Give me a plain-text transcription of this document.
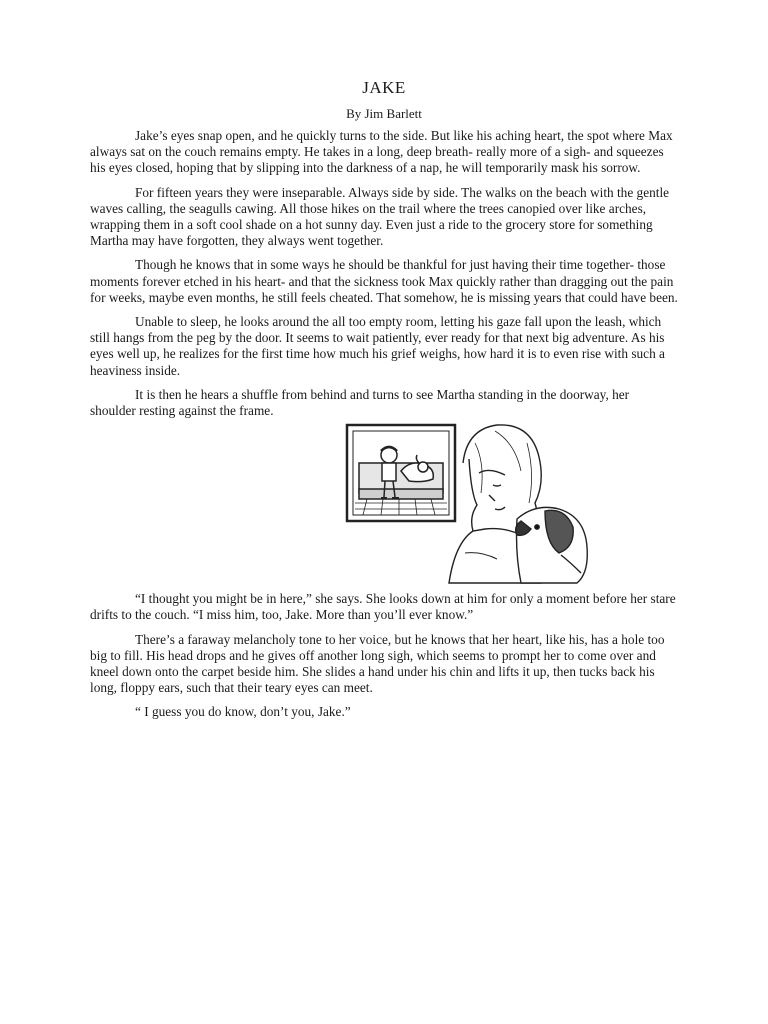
JAKE
By Jim Barlett

Jake’s eyes snap open, and he quickly turns to the side. But like his aching heart, the spot where Max always sat on the couch remains empty. He takes in a long, deep breath- really more of a sigh- and squeezes his eyes closed, hoping that by slipping into the darkness of a nap, he will temporarily mask his sorrow.

For fifteen years they were inseparable. Always side by side. The walks on the beach with the gentle waves calling, the seagulls cawing. All those hikes on the trail where the trees canopied over like arches, wrapping them in a soft cool shade on a hot sunny day. Even just a ride to the grocery store for something Martha may have forgotten, they always went together.

Though he knows that in some ways he should be thankful for just having their time together- those moments forever etched in his heart- and that the sickness took Max quickly rather than dragging out the pain for weeks, maybe even months, he still feels cheated. That somehow, he is missing years that could have been.

Unable to sleep, he looks around the all too empty room, letting his gaze fall upon the leash, which still hangs from the peg by the door. It seems to wait patiently, ever ready for that next big adventure. As his eyes well up, he realizes for the first time how much his grief weighs, how hard it is to even rise with such a heaviness inside.

It is then he hears a shuffle from behind and turns to see Martha standing in the doorway, her shoulder resting against the frame.

“I thought you might be in here,” she says. She looks down at him for only a moment before her stare drifts to the couch. “I miss him, too, Jake. More than you’ll ever know.”

There’s a faraway melancholy tone to her voice, but he knows that her heart, like his, has a hole too big to fill. His head drops and he gives off another long sigh, which seems to prompt her to come over and kneel down onto the carpet beside him. She slides a hand under his chin and lifts it up, then tucks back his long, floppy ears, such that their teary eyes can meet.

“ I guess you do know, don’t you, Jake.”
